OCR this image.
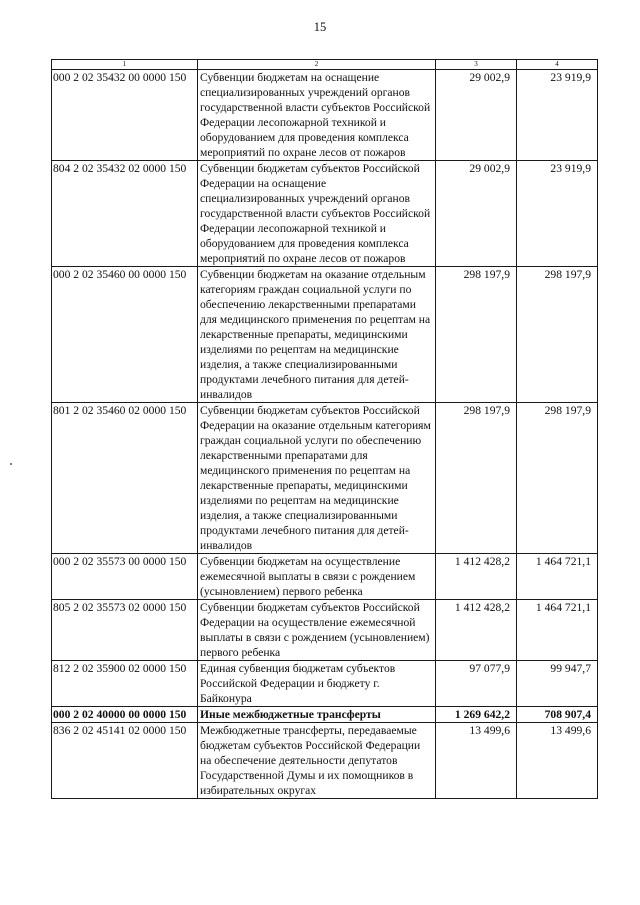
15
1	2	3	4
000 2 02 35432 00 0000 150	Субвенции бюджетам на оснащение специализированных учреждений органов государственной власти субъектов Российской Федерации лесопожарной техникой и оборудованием для проведения комплекса мероприятий по охране лесов от пожаров	29 002,9	23 919,9
804 2 02 35432 02 0000 150	Субвенции бюджетам субъектов Российской Федерации на оснащение специализированных учреждений органов государственной власти субъектов Российской Федерации лесопожарной техникой и оборудованием для проведения комплекса мероприятий по охране лесов от пожаров	29 002,9	23 919,9
000 2 02 35460 00 0000 150	Субвенции бюджетам на оказание отдельным категориям граждан социальной услуги по обеспечению лекарственными препаратами для медицинского применения по рецептам на лекарственные препараты, медицинскими изделиями по рецептам на медицинские изделия, а также специализированными продуктами лечебного питания для детей-инвалидов	298 197,9	298 197,9
801 2 02 35460 02 0000 150	Субвенции бюджетам субъектов Российской Федерации на оказание отдельным категориям граждан социальной услуги по обеспечению лекарственными препаратами для медицинского применения по рецептам на лекарственные препараты, медицинскими изделиями по рецептам на медицинские изделия, а также специализированными продуктами лечебного питания для детей-инвалидов	298 197,9	298 197,9
000 2 02 35573 00 0000 150	Субвенции бюджетам на осуществление ежемесячной выплаты в связи с рождением (усыновлением) первого ребенка	1 412 428,2	1 464 721,1
805 2 02 35573 02 0000 150	Субвенции бюджетам субъектов Российской Федерации на осуществление ежемесячной выплаты в связи с рождением (усыновлением) первого ребенка	1 412 428,2	1 464 721,1
812 2 02 35900 02 0000 150	Единая субвенция бюджетам субъектов Российской Федерации и бюджету г. Байконура	97 077,9	99 947,7
000 2 02 40000 00 0000 150	Иные межбюджетные трансферты	1 269 642,2	708 907,4
836 2 02 45141 02 0000 150	Межбюджетные трансферты, передаваемые бюджетам субъектов Российской Федерации на обеспечение деятельности депутатов Государственной Думы и их помощников в избирательных округах	13 499,6	13 499,6
